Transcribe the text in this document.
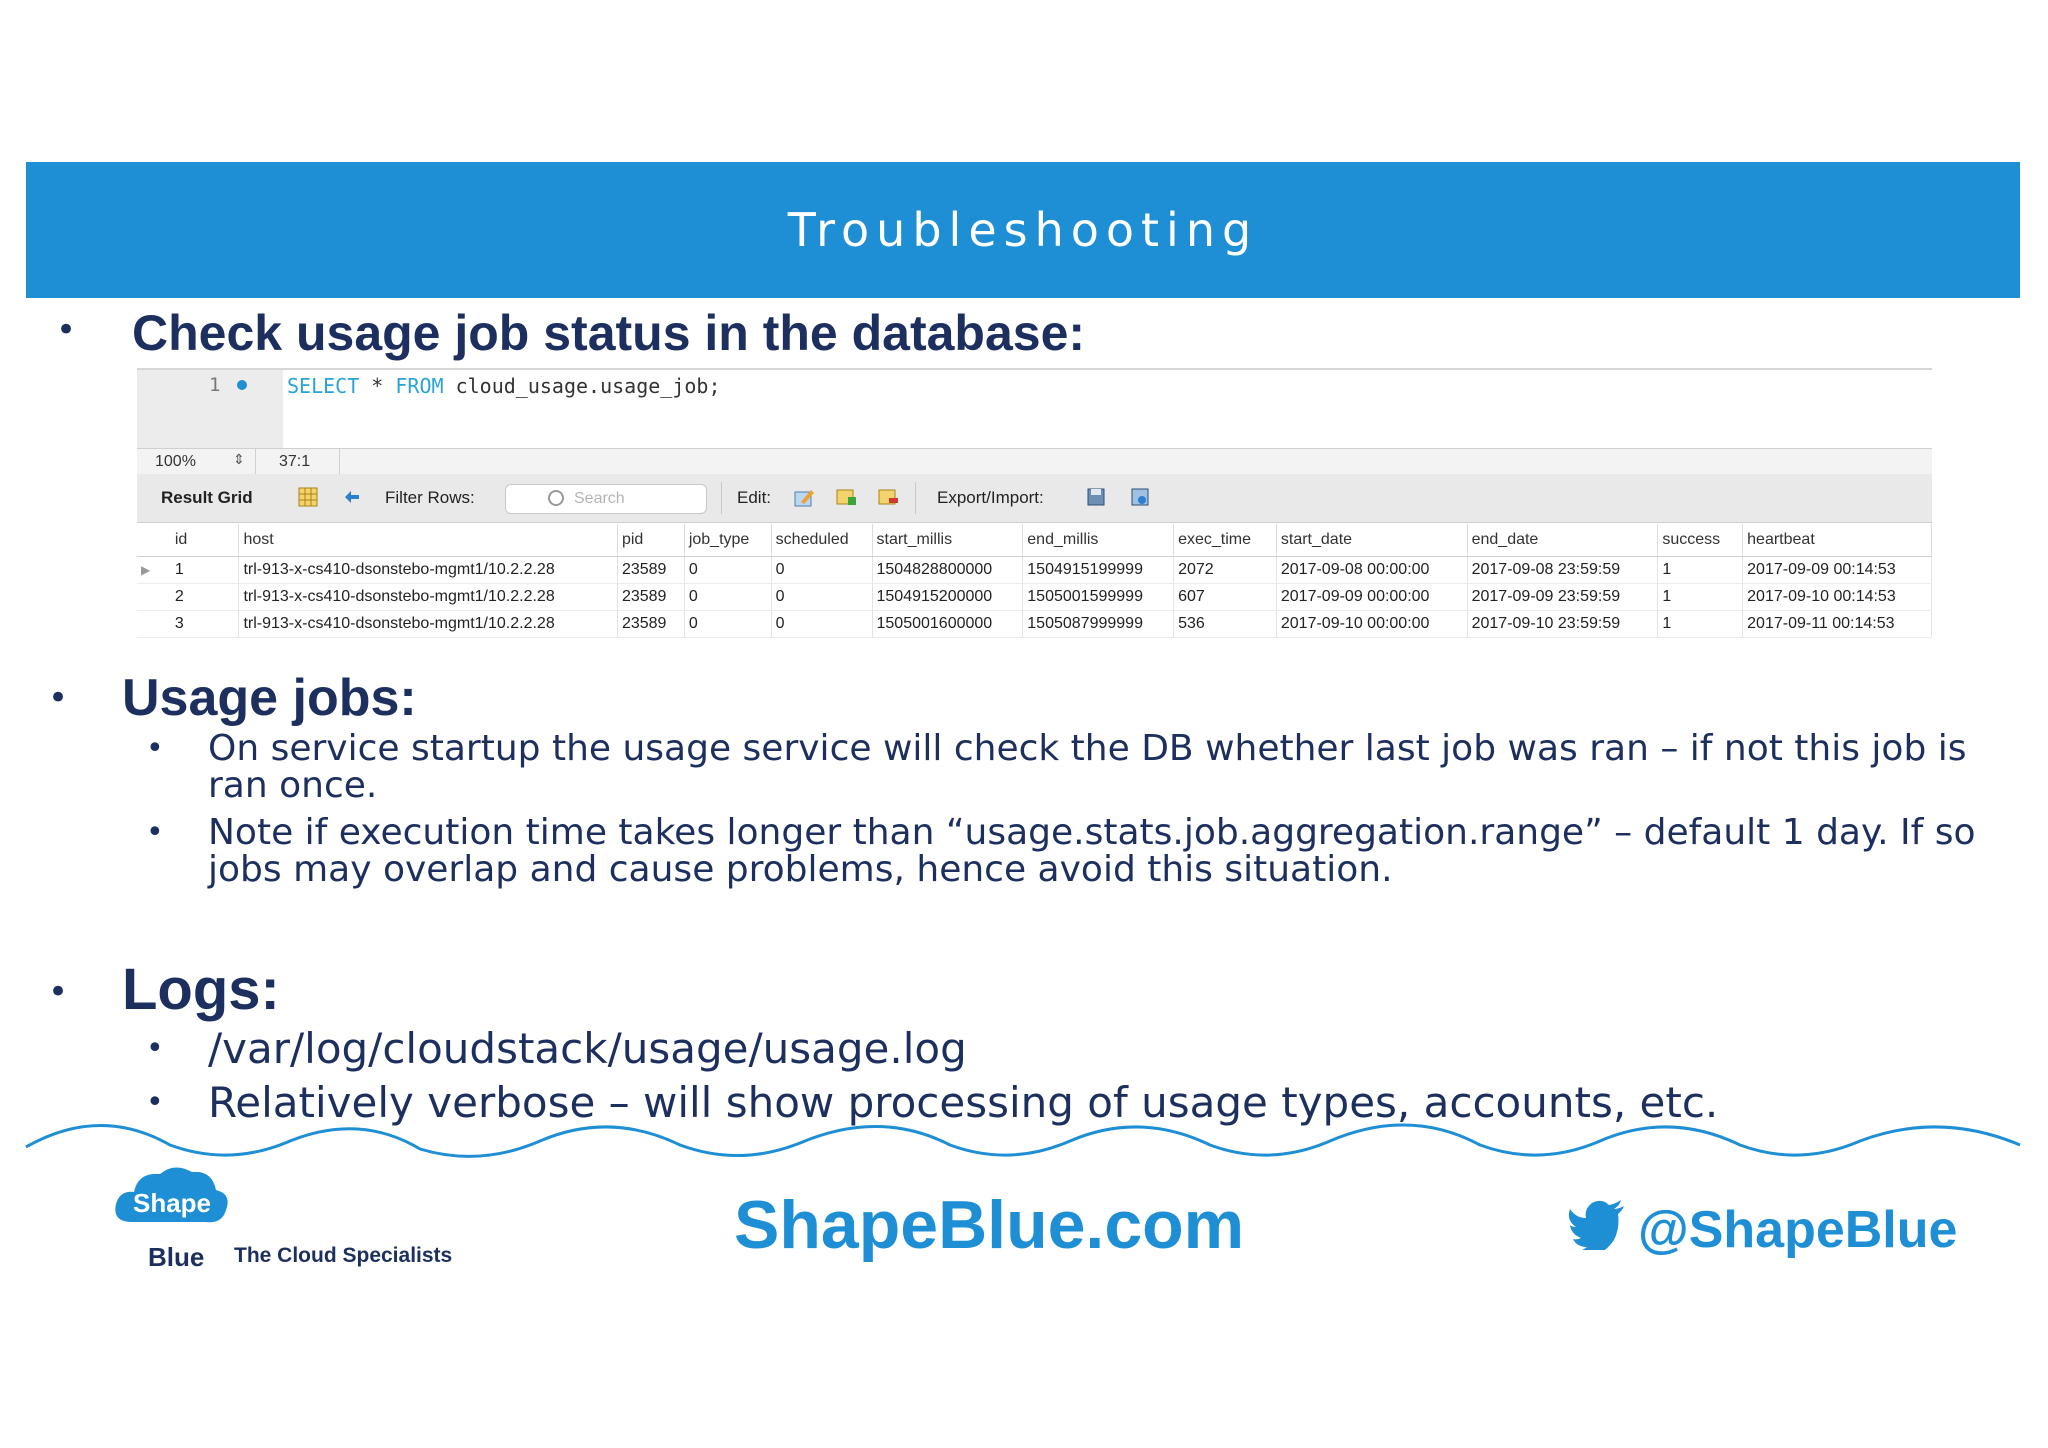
Troubleshooting
• Check usage job status in the database:
1	SELECT * FROM cloud_usage.usage_job;
100%	⇕ 37:1
Result Grid	Filter Rows:	Search	Edit:	Export/Import:
	id	host	pid	job_type	scheduled	start_millis	end_millis	exec_time	start_date	end_date	success	heartbeat
▶	1	trl-913-x-cs410-dsonstebo-mgmt1/10.2.2.28	23589	0	0	1504828800000	1504915199999	2072	2017-09-08 00:00:00	2017-09-08 23:59:59	1	2017-09-09 00:14:53
	2	trl-913-x-cs410-dsonstebo-mgmt1/10.2.2.28	23589	0	0	1504915200000	1505001599999	607	2017-09-09 00:00:00	2017-09-09 23:59:59	1	2017-09-10 00:14:53
	3	trl-913-x-cs410-dsonstebo-mgmt1/10.2.2.28	23589	0	0	1505001600000	1505087999999	536	2017-09-10 00:00:00	2017-09-10 23:59:59	1	2017-09-11 00:14:53
• Usage jobs:
• On service startup the usage service will check the DB whether last job was ran – if not this job is
ran once.
• Note if execution time takes longer than “usage.stats.job.aggregation.range” – default 1 day. If so
jobs may overlap and cause problems, hence avoid this situation.
• Logs:
• /var/log/cloudstack/usage/usage.log
• Relatively verbose – will show processing of usage types, accounts, etc.
Shape
Blue The Cloud Specialists	ShapeBlue.com	@ShapeBlue
